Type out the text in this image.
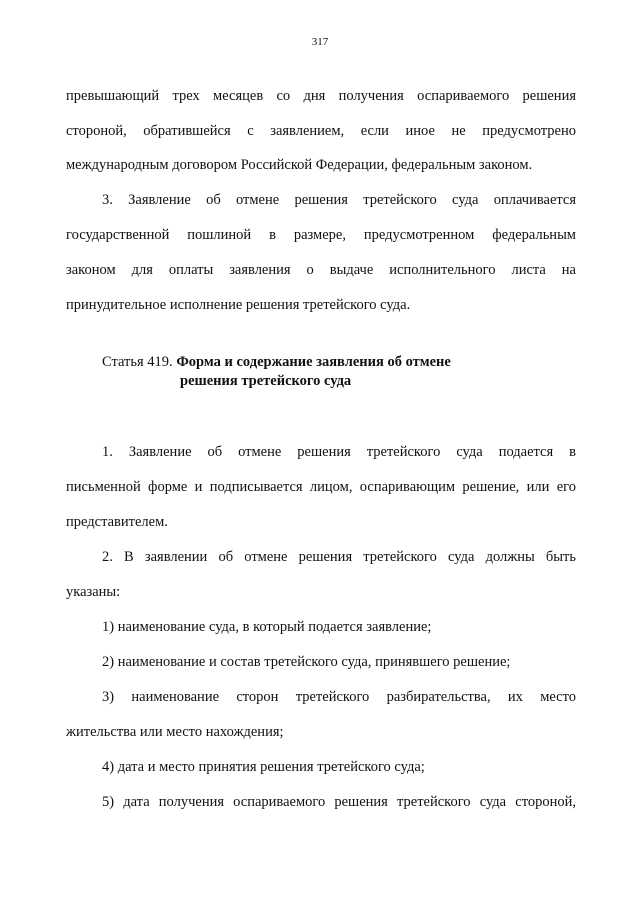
317
превышающий трех месяцев со дня получения оспариваемого решения
стороной, обратившейся с заявлением, если иное не предусмотрено
международным договором Российской Федерации, федеральным законом.
3. Заявление об отмене решения третейского суда оплачивается
государственной пошлиной в размере, предусмотренном федеральным
законом для оплаты заявления о выдаче исполнительного листа на
принудительное исполнение решения третейского суда.
Статья 419. Форма и содержание заявления об отмене
решения третейского суда
1. Заявление об отмене решения третейского суда подается в
письменной форме и подписывается лицом, оспаривающим решение, или его
представителем.
2. В заявлении об отмене решения третейского суда должны быть
указаны:
1) наименование суда, в который подается заявление;
2) наименование и состав третейского суда, принявшего решение;
3) наименование сторон третейского разбирательства, их место
жительства или место нахождения;
4) дата и место принятия решения третейского суда;
5) дата получения оспариваемого решения третейского суда стороной,
